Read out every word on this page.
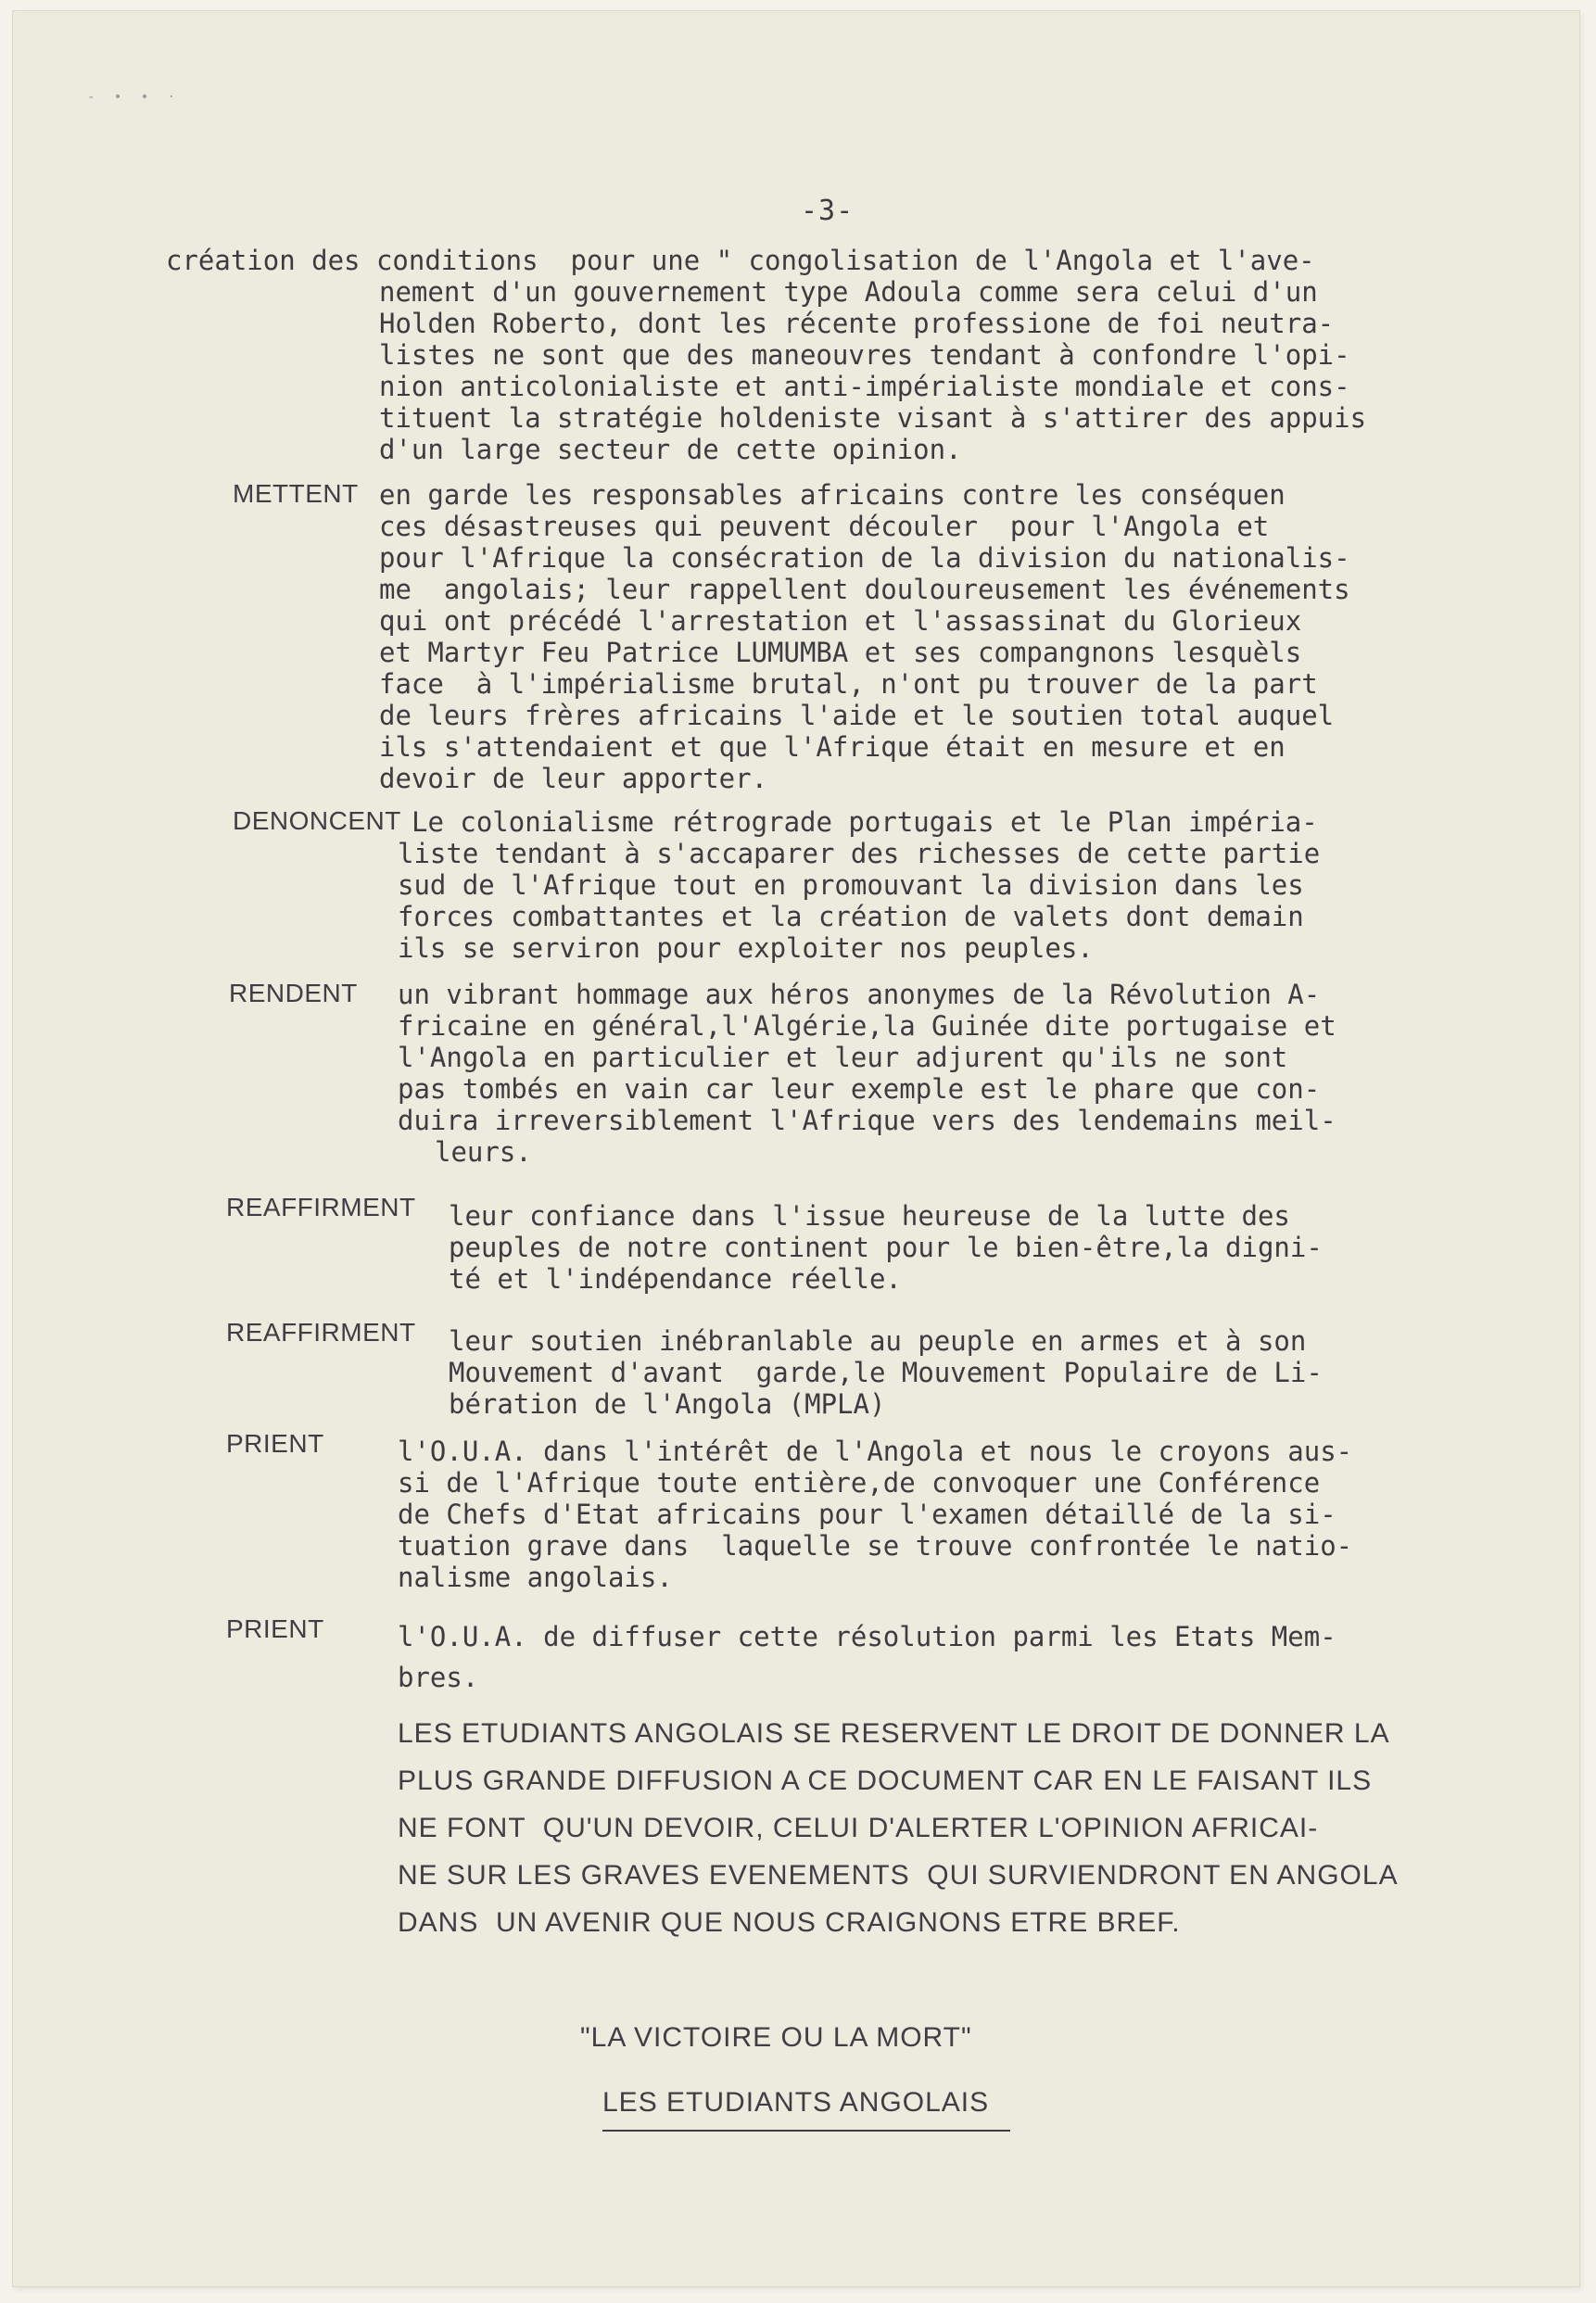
- • • ·
-3-
création des conditions  pour une " congolisation de l'Angola et l'ave-
nement d'un gouvernement type Adoula comme sera celui d'un
Holden Roberto, dont les récente professione de foi neutra-
listes ne sont que des maneouvres tendant à confondre l'opi-
nion anticolonialiste et anti-impérialiste mondiale et cons-
tituent la stratégie holdeniste visant à s'attirer des appuis
d'un large secteur de cette opinion.
METTENT en garde les responsables africains contre les conséquen
ces désastreuses qui peuvent découler  pour l'Angola et
pour l'Afrique la consécration de la division du nationalis-
me  angolais; leur rappellent douloureusement les événements
qui ont précédé l'arrestation et l'assassinat du Glorieux
et Martyr Feu Patrice LUMUMBA et ses compangnons lesquèls
face  à l'impérialisme brutal, n'ont pu trouver de la part
de leurs frères africains l'aide et le soutien total auquel
ils s'attendaient et que l'Afrique était en mesure et en
devoir de leur apporter.
DENONCENT Le colonialisme rétrograde portugais et le Plan impéria-
liste tendant à s'accaparer des richesses de cette partie
sud de l'Afrique tout en promouvant la division dans les
forces combattantes et la création de valets dont demain
ils se serviron pour exploiter nos peuples.
RENDENT un vibrant hommage aux héros anonymes de la Révolution A-
fricaine en général,l'Algérie,la Guinée dite portugaise et
l'Angola en particulier et leur adjurent qu'ils ne sont
pas tombés en vain car leur exemple est le phare que con-
duira irreversiblement l'Afrique vers des lendemains meil-
leurs.
REAFFIRMENT leur confiance dans l'issue heureuse de la lutte des
peuples de notre continent pour le bien-être,la digni-
té et l'indépendance réelle.
REAFFIRMENT leur soutien inébranlable au peuple en armes et à son
Mouvement d'avant  garde,le Mouvement Populaire de Li-
bération de l'Angola (MPLA)
PRIENT	l'O.U.A. dans l'intérêt de l'Angola et nous le croyons aus-
si de l'Afrique toute entière,de convoquer une Conférence
de Chefs d'Etat africains pour l'examen détaillé de la si-
tuation grave dans  laquelle se trouve confrontée le natio-
nalisme angolais.
PRIENT	l'O.U.A. de diffuser cette résolution parmi les Etats Mem-
bres.
LES ETUDIANTS ANGOLAIS SE RESERVENT LE DROIT DE DONNER LA
PLUS GRANDE DIFFUSION A CE DOCUMENT CAR EN LE FAISANT ILS
NE FONT  QU'UN DEVOIR, CELUI D'ALERTER L'OPINION AFRICAI-
NE SUR LES GRAVES EVENEMENTS  QUI SURVIENDRONT EN ANGOLA
DANS  UN AVENIR QUE NOUS CRAIGNONS ETRE BREF.
"LA VICTOIRE OU LA MORT"
LES ETUDIANTS ANGOLAIS
